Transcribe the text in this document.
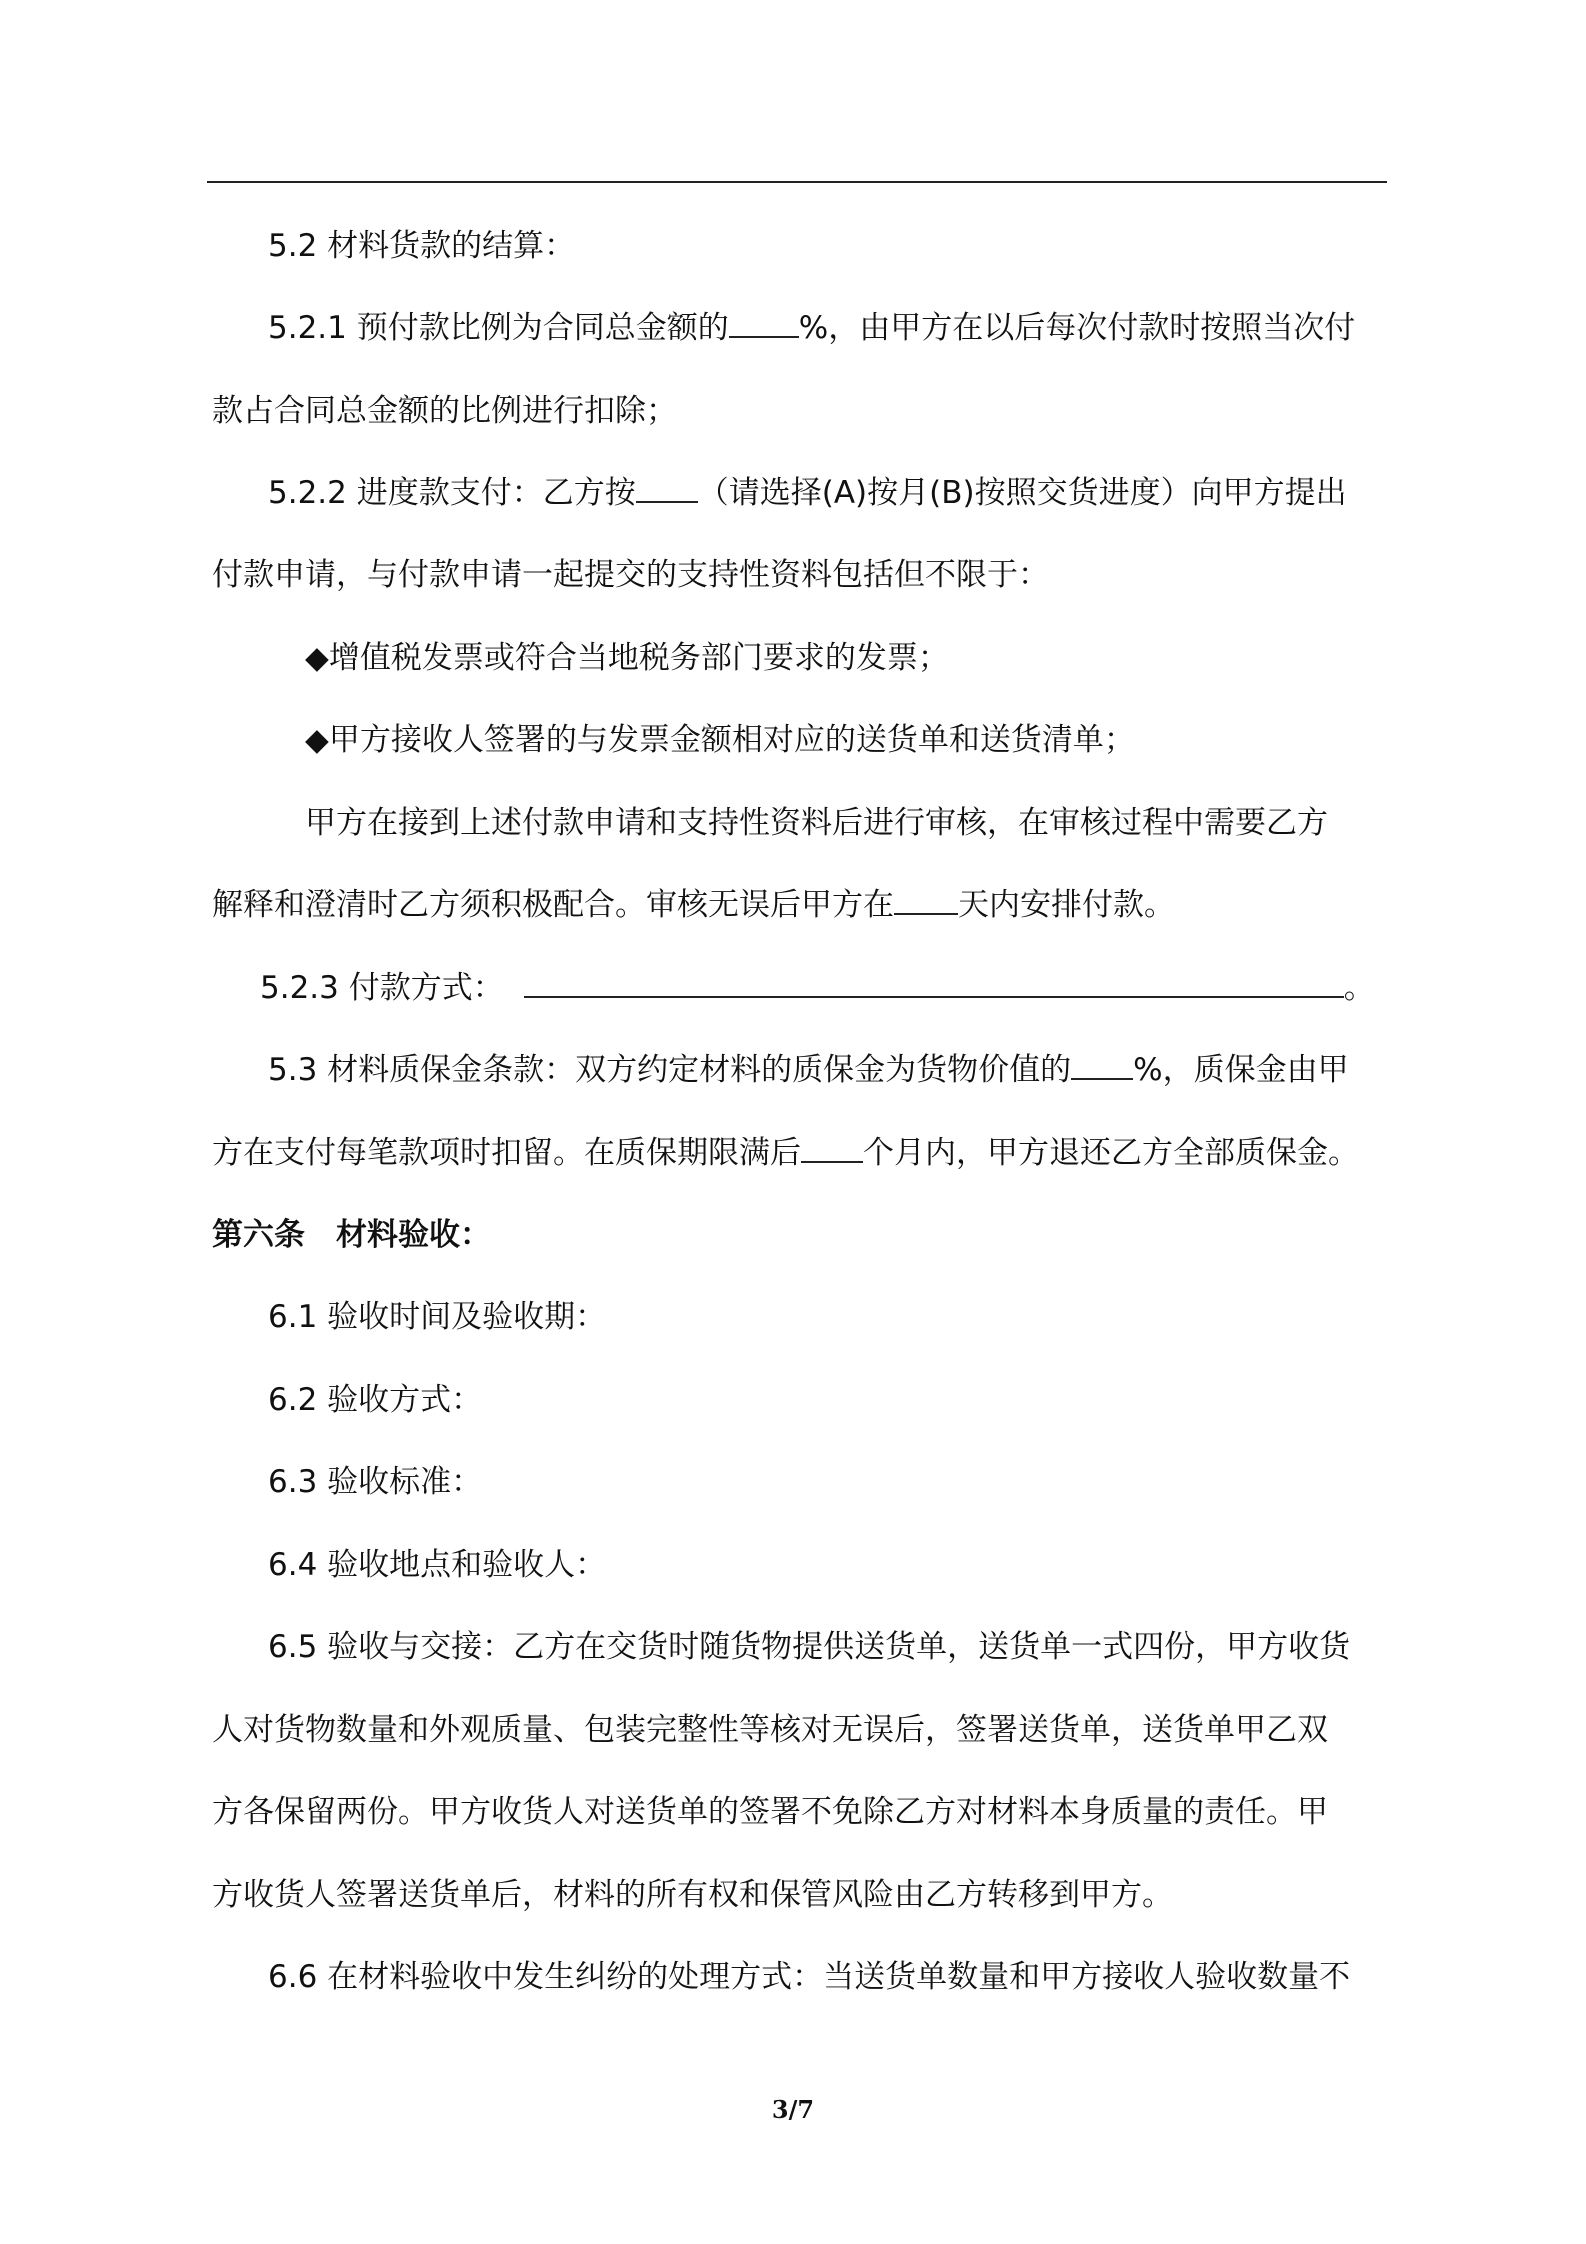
5.2 材料货款的结算：
5.2.1 预付款比例为合同总金额的 %，由甲方在以后每次付款时按照当次付
款占合同总金额的比例进行扣除；
5.2.2 进度款支付：乙方按 （请选择(A)按月(B)按照交货进度）向甲方提出
付款申请，与付款申请一起提交的支持性资料包括但不限于：
◆增值税发票或符合当地税务部门要求的发票；
◆甲方接收人签署的与发票金额相对应的送货单和送货清单；
甲方在接到上述付款申请和支持性资料后进行审核，在审核过程中需要乙方
解释和澄清时乙方须积极配合。审核无误后甲方在 天内安排付款。
5.2.3 付款方式：	。
5.3 材料质保金条款：双方约定材料的质保金为货物价值的 %，质保金由甲
方在支付每笔款项时扣留。在质保期限满后 个月内，甲方退还乙方全部质保金。
第六条　材料验收：
6.1 验收时间及验收期：
6.2 验收方式：
6.3 验收标准：
6.4 验收地点和验收人：
6.5 验收与交接：乙方在交货时随货物提供送货单，送货单一式四份，甲方收货
人对货物数量和外观质量、包装完整性等核对无误后，签署送货单，送货单甲乙双
方各保留两份。甲方收货人对送货单的签署不免除乙方对材料本身质量的责任。甲
方收货人签署送货单后，材料的所有权和保管风险由乙方转移到甲方。
6.6 在材料验收中发生纠纷的处理方式：当送货单数量和甲方接收人验收数量不
3/7
